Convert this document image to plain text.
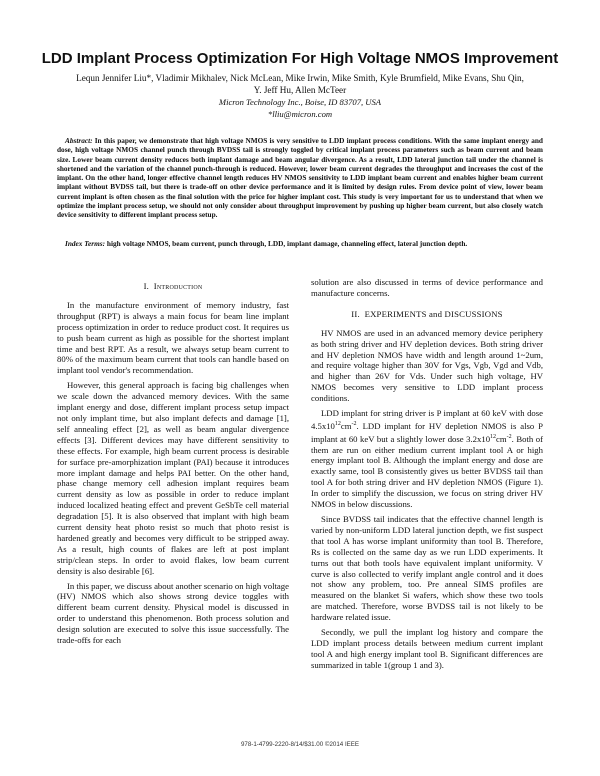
LDD Implant Process Optimization For High Voltage NMOS Improvement
Lequn Jennifer Liu*, Vladimir Mikhalev, Nick McLean, Mike Irwin, Mike Smith, Kyle Brumfield, Mike Evans, Shu Qin,
Y. Jeff Hu, Allen McTeer
Micron Technology Inc., Boise, ID 83707, USA
*lliu@micron.com
Abstract: In this paper, we demonstrate that high voltage NMOS is very sensitive to LDD implant process conditions. With the same implant energy and dose, high voltage NMOS channel punch through BVDSS tail is strongly toggled by critical implant process parameters such as beam current and beam size. Lower beam current density reduces both implant damage and beam angular divergence. As a result, LDD lateral junction tail under the channel is shortened and the variation of the channel punch-through is reduced. However, lower beam current degrades the throughput and increases the cost of the implant. On the other hand, longer effective channel length reduces HV NMOS sensitivity to LDD implant beam current and enables higher beam current implant without BVDSS tail, but there is trade-off on other device performance and it is limited by design rules. From device point of view, lower beam current implant is often chosen as the final solution with the price for higher implant cost. This study is very important for us to understand that when we optimize the implant process setup, we should not only consider about throughput improvement by pushing up higher beam current, but also closely watch device sensitivity to different implant process setup.
Index Terms: high voltage NMOS, beam current, punch through, LDD, implant damage, channeling effect, lateral junction depth.
I. Introduction

In the manufacture environment of memory industry, fast throughput (RPT) is always a main focus for beam line implant process optimization in order to reduce product cost. It requires us to push beam current as high as possible for the shortest implant time and best RPT. As a result, we always setup beam current to 80% of the maximum beam current that tools can handle based on implant tool vendor's recommendation.

However, this general approach is facing big challenges when we scale down the advanced memory devices. With the same implant energy and dose, different implant process setup impact not only implant time, but also implant defects and damage [1], self annealing effect [2], as well as beam angular divergence effects [3]. Different devices may have different sensitivity to these effects. For example, high beam current process is desirable for surface pre-amorphization implant (PAI) because it introduces more implant damage and helps PAI better. On the other hand, phase change memory cell adhesion implant requires beam current density as low as possible in order to reduce implant induced localized heating effect and prevent GeSbTe cell material degradation [5]. It is also observed that implant with high beam current density heat photo resist so much that photo resist is hardened greatly and becomes very difficult to be stripped away. As a result, high counts of flakes are left at post implant strip/clean steps. In order to avoid flakes, low beam current density is also desirable [6].

In this paper, we discuss about another scenario on high voltage (HV) NMOS which also shows strong device toggles with different beam current density. Physical model is discussed in order to understand this phenomenon. Both process solution and design solution are executed to solve this issue successfully. The trade-offs for each

solution are also discussed in terms of device performance and manufacture concerns.

II. EXPERIMENTS and DISCUSSIONS

HV NMOS are used in an advanced memory device periphery as both string driver and HV depletion devices. Both string driver and HV depletion NMOS have width and length around 1~2um, and require voltage higher than 30V for Vgs, Vgb, Vgd and Vdb, and higher than 26V for Vds. Under such high voltage, HV NMOS becomes very sensitive to LDD implant process conditions.

LDD implant for string driver is P implant at 60 keV with dose $4.5x10^{12}cm^{-2}$. LDD implant for HV depletion NMOS is also P implant at 60 keV but a slightly lower dose $3.2x10^{12}cm^{-2}$. Both of them are run on either medium current implant tool A or high energy implant tool B. Although the implant energy and dose are exactly same, tool B consistently gives us better BVDSS tail than tool A for both string driver and HV depletion NMOS (Figure 1). In order to simplify the discussion, we focus on string driver HV NMOS in below discussions.

Since BVDSS tail indicates that the effective channel length is varied by non-uniform LDD lateral junction depth, we fist suspect that tool A has worse implant uniformity than tool B. Therefore, Rs is collected on the same day as we run LDD experiments. It turns out that both tools have equivalent implant uniformity. V curve is also collected to verify implant angle control and it does not show any problem, too. Pre anneal SIMS profiles are measured on the blanket Si wafers, which show these two tools are matched. Therefore, worse BVDSS tail is not likely to be hardware related issue.

Secondly, we pull the implant log history and compare the LDD implant process details between medium current implant tool A and high energy implant tool B. Significant differences are summarized in table 1(group 1 and 3).

978-1-4799-2220-8/14/$31.00 ©2014 IEEE
